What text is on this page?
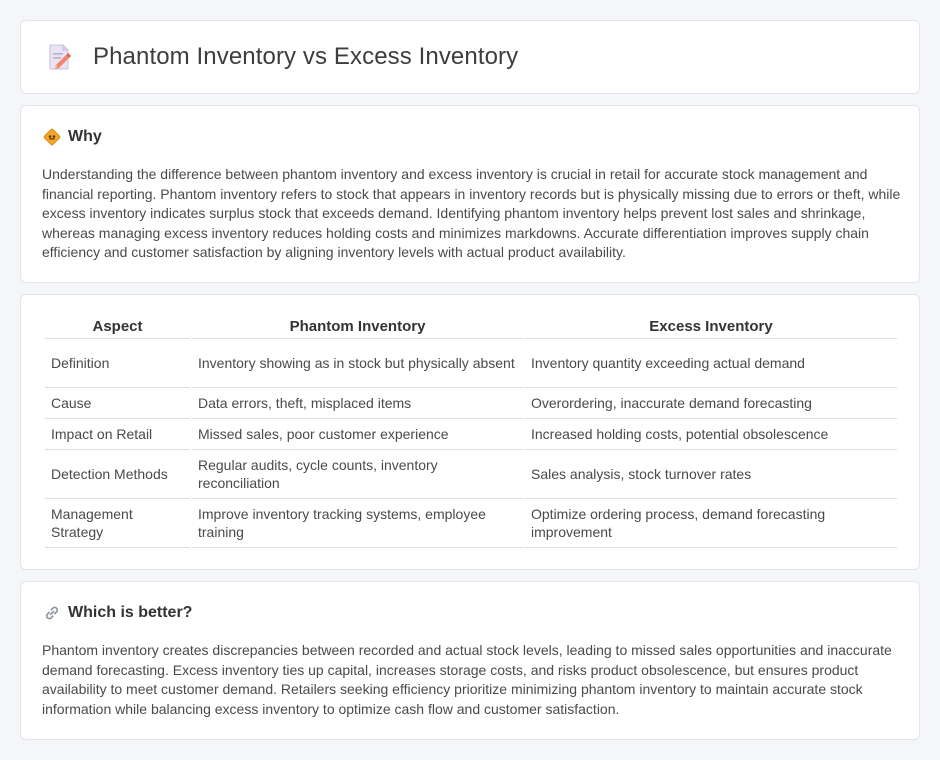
Phantom Inventory vs Excess Inventory
Why

Understanding the difference between phantom inventory and excess inventory is crucial in retail for accurate stock management and financial reporting. Phantom inventory refers to stock that appears in inventory records but is physically missing due to errors or theft, while excess inventory indicates surplus stock that exceeds demand. Identifying phantom inventory helps prevent lost sales and shrinkage, whereas managing excess inventory reduces holding costs and minimizes markdowns. Accurate differentiation improves supply chain efficiency and customer satisfaction by aligning inventory levels with actual product availability.

Aspect	Phantom Inventory	Excess Inventory
Definition	Inventory showing as in stock but physically absent	Inventory quantity exceeding actual demand
Cause	Data errors, theft, misplaced items	Overordering, inaccurate demand forecasting
Impact on Retail	Missed sales, poor customer experience	Increased holding costs, potential obsolescence
Detection Methods	Regular audits, cycle counts, inventory reconciliation	Sales analysis, stock turnover rates
Management Strategy	Improve inventory tracking systems, employee training	Optimize ordering process, demand forecasting improvement
Which is better?

Phantom inventory creates discrepancies between recorded and actual stock levels, leading to missed sales opportunities and inaccurate demand forecasting. Excess inventory ties up capital, increases storage costs, and risks product obsolescence, but ensures product availability to meet customer demand. Retailers seeking efficiency prioritize minimizing phantom inventory to maintain accurate stock information while balancing excess inventory to optimize cash flow and customer satisfaction.
